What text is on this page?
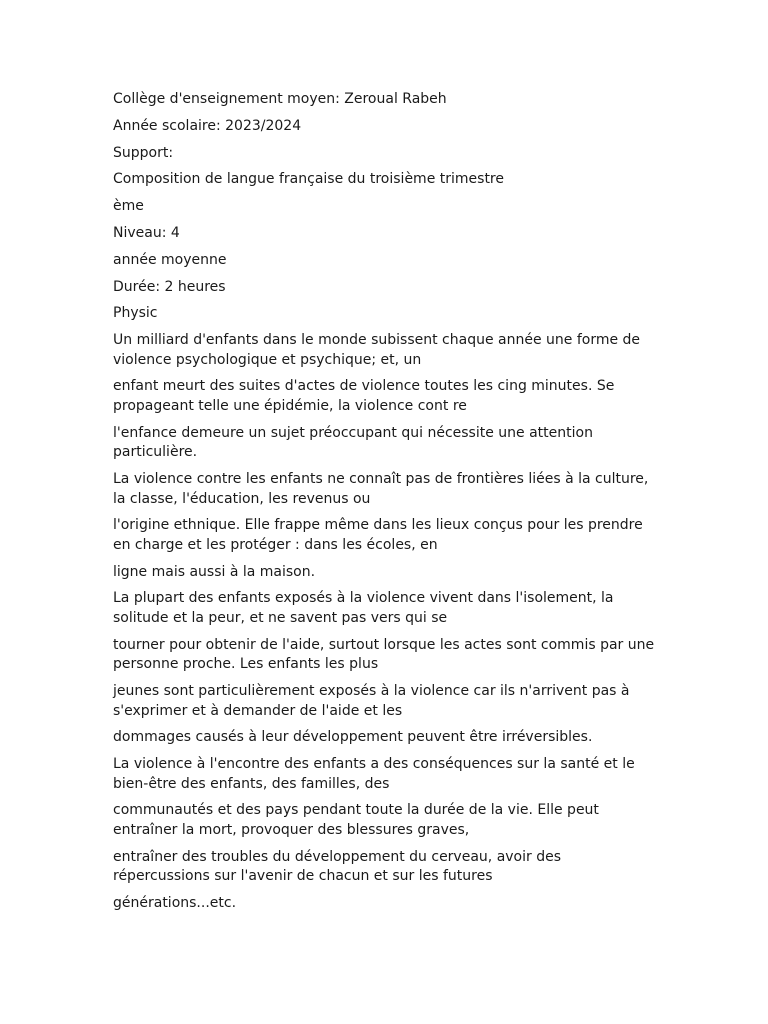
Collège d'enseignement moyen: Zeroual Rabeh

Année scolaire: 2023/2024

Support:

Composition de langue française du troisième trimestre

ème

Niveau: 4

année moyenne

Durée: 2 heures

Physic

Un milliard d'enfants dans le monde subissent chaque année une forme de violence psychologique et psychique; et, un

enfant meurt des suites d'actes de violence toutes les cing minutes. Se propageant telle une épidémie, la violence cont re

l'enfance demeure un sujet préoccupant qui nécessite une attention particulière.

La violence contre les enfants ne connaît pas de frontières liées à la culture, la classe, l'éducation, les revenus ou

l'origine ethnique. Elle frappe même dans les lieux conçus pour les prendre en charge et les protéger : dans les écoles, en

ligne mais aussi à la maison.

La plupart des enfants exposés à la violence vivent dans l'isolement, la solitude et la peur, et ne savent pas vers qui se

tourner pour obtenir de l'aide, surtout lorsque les actes sont commis par une personne proche. Les enfants les plus

jeunes sont particulièrement exposés à la violence car ils n'arrivent pas à s'exprimer et à demander de l'aide et les

dommages causés à leur développement peuvent être irréversibles.

La violence à l'encontre des enfants a des conséquences sur la santé et le bien-être des enfants, des familles, des

communautés et des pays pendant toute la durée de la vie. Elle peut entraîner la mort, provoquer des blessures graves,

entraîner des troubles du développement du cerveau, avoir des répercussions sur l'avenir de chacun et sur les futures

générations...etc.
